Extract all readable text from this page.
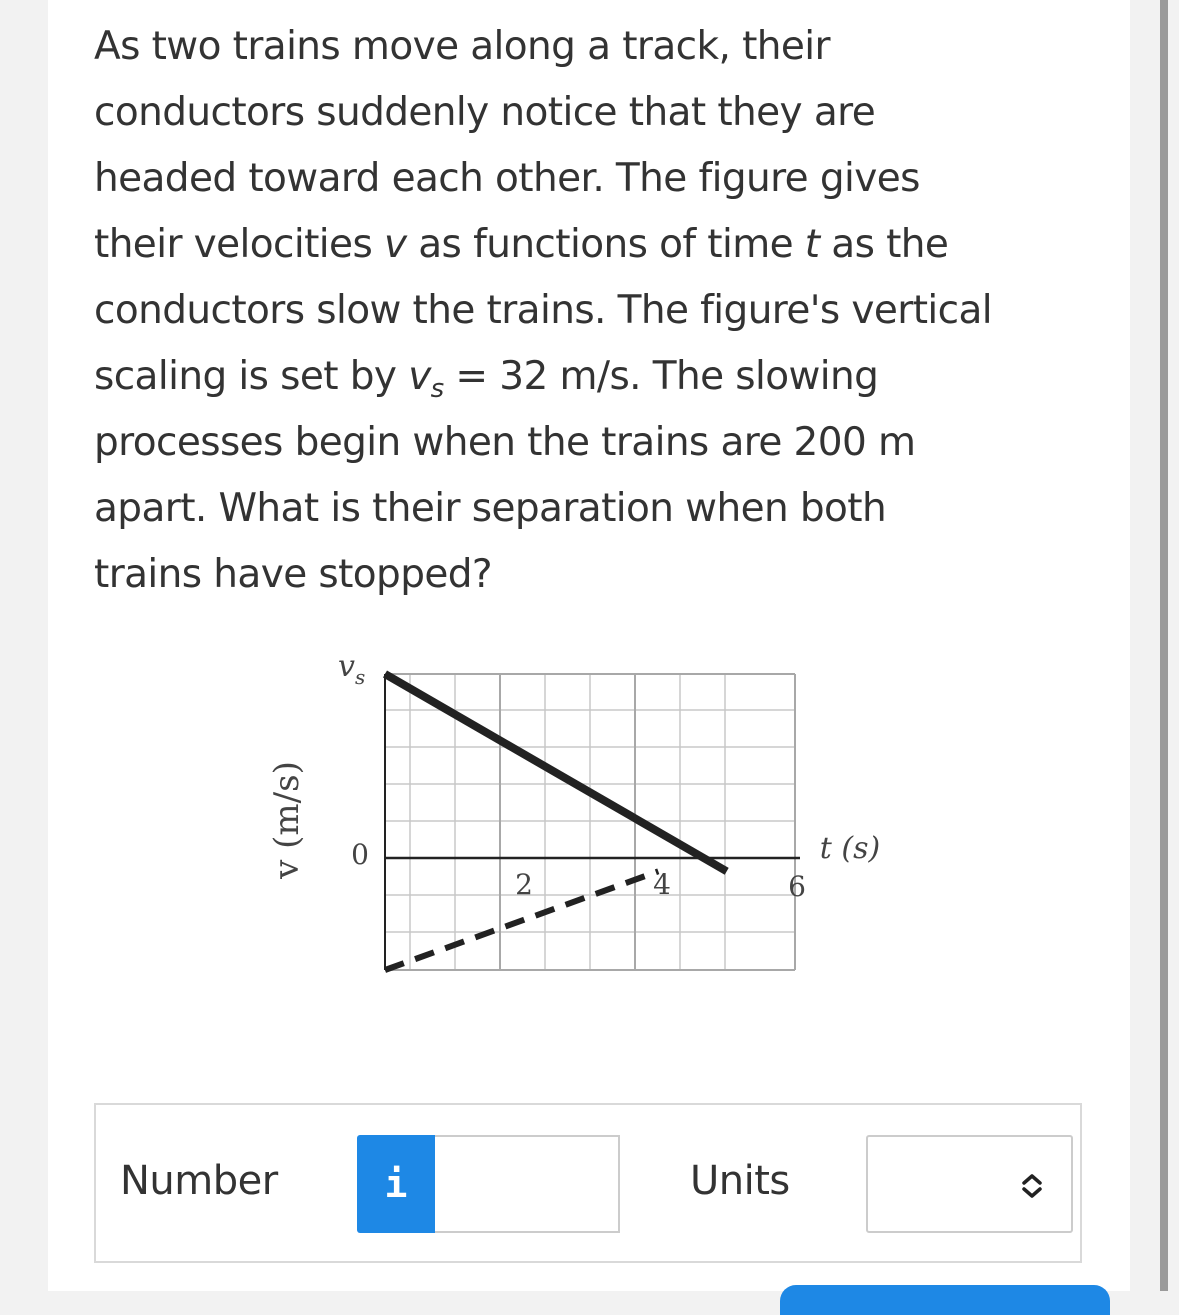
As two trains move along a track, their
conductors suddenly notice that they are
headed toward each other. The figure gives
their velocities v as functions of time t as the
conductors slow the trains. The figure's vertical
scaling is set by $v_s = 32$ m/s. The slowing
processes begin when the trains are 200 m
apart. What is their separation when both
trains have stopped?
v (m/s)
$v_s$
0
2	4	6
t (s)
Number	i	Units
